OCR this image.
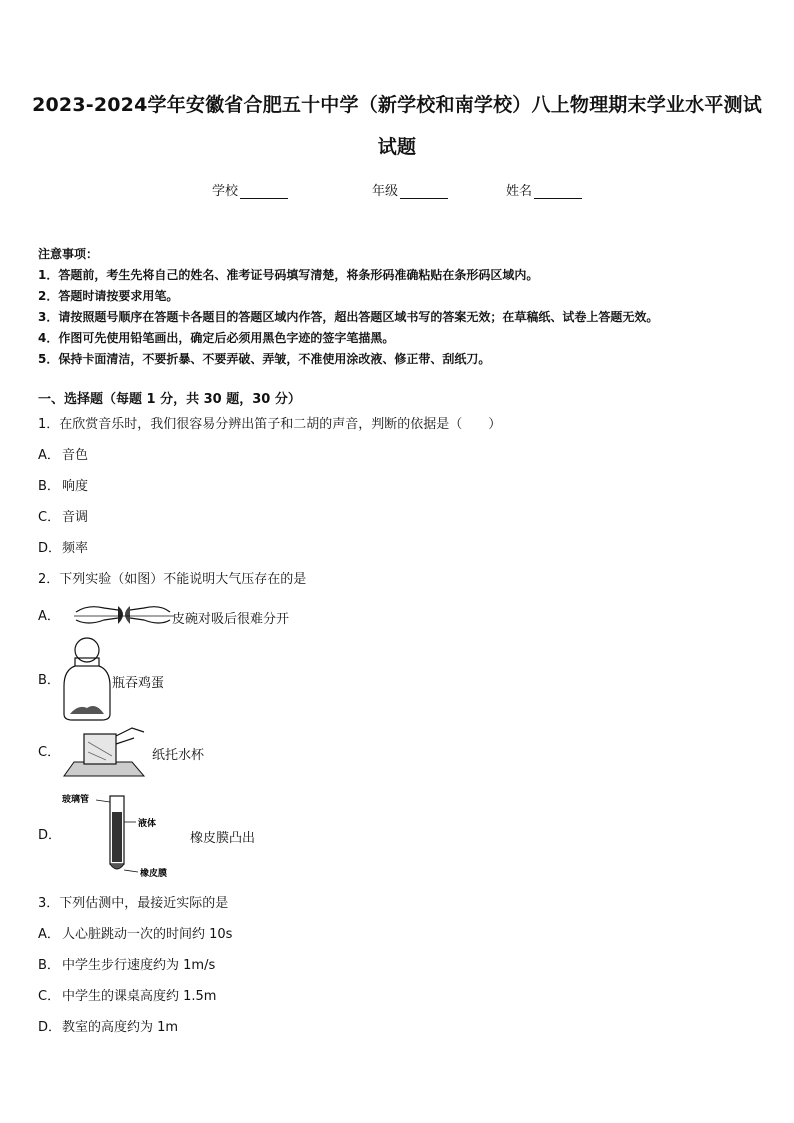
2023-2024学年安徽省合肥五十中学（新学校和南学校）八上物理期末学业水平测试试题
学校	年级	姓名
注意事项：
1．答题前，考生先将自己的姓名、准考证号码填写清楚，将条形码准确粘贴在条形码区域内。
2．答题时请按要求用笔。
3．请按照题号顺序在答题卡各题目的答题区域内作答，超出答题区域书写的答案无效；在草稿纸、试卷上答题无效。
4．作图可先使用铅笔画出，确定后必须用黑色字迹的签字笔描黑。
5．保持卡面清洁，不要折暴、不要弄破、弄皱，不准使用涂改液、修正带、刮纸刀。
一、选择题（每题 1 分，共 30 题，30 分）
1．在欣赏音乐时，我们很容易分辨出笛子和二胡的声音，判断的依据是（　　）
A． 音色
B． 响度
C． 音调
D．频率
2．下列实验（如图）不能说明大气压存在的是
A．	皮碗对吸后很难分开
B．	瓶吞鸡蛋
C．	纸托水杯
D．
玻璃管
液体
橡皮膜
橡皮膜凸出
3．下列估测中，最接近实际的是
A． 人心脏跳动一次的时间约 10s
B． 中学生步行速度约为 1m/s
C． 中学生的课桌高度约 1.5m
D．教室的高度约为 1m
